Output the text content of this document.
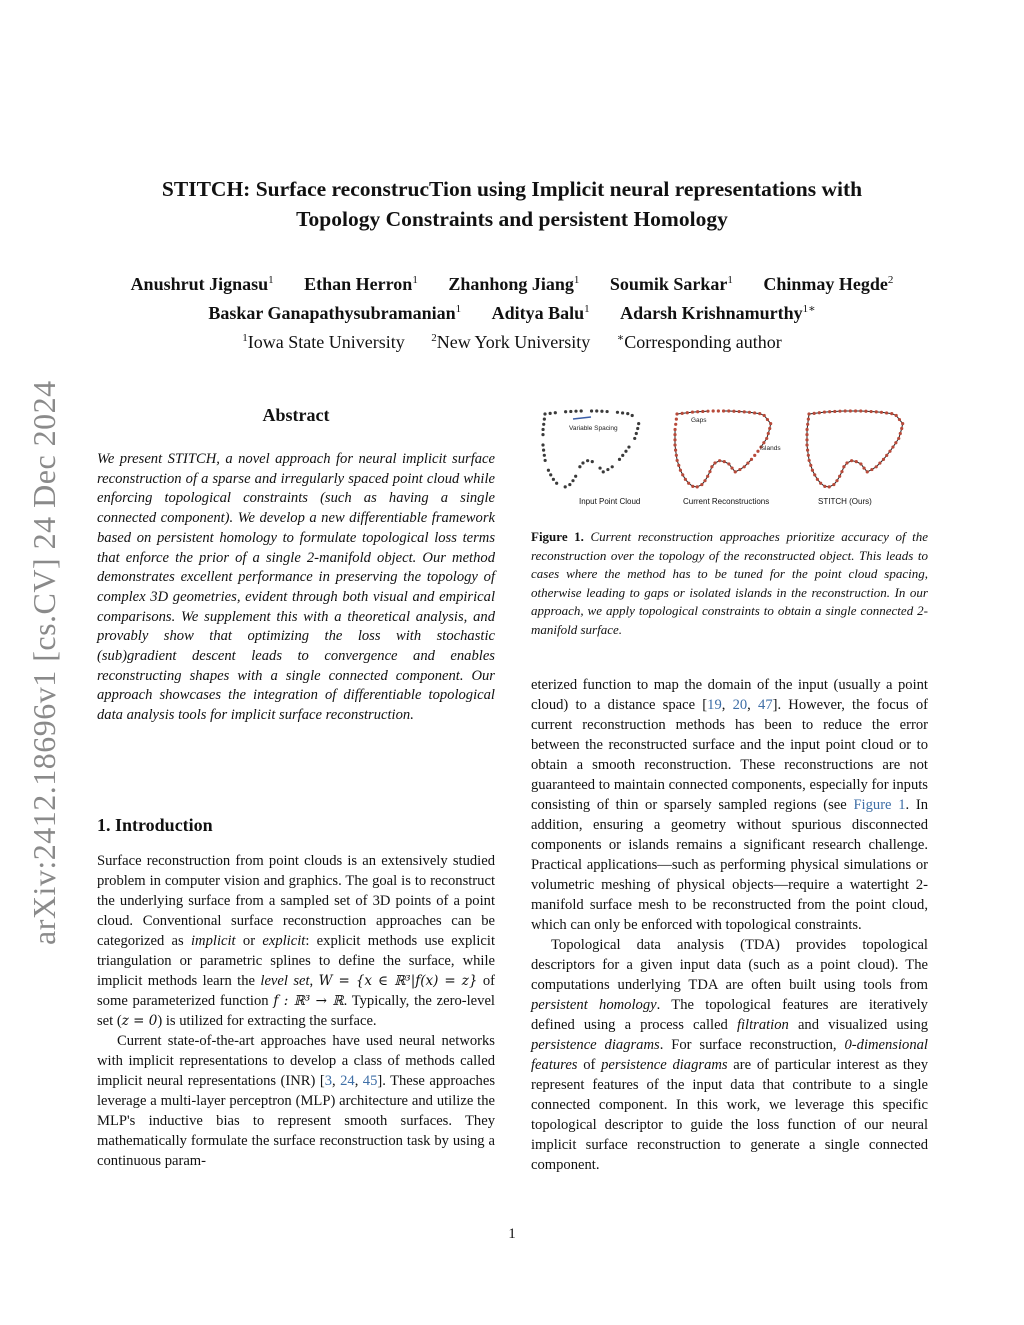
arXiv:2412.18696v1 [cs.CV] 24 Dec 2024
STITCH: Surface reconstrucTion using Implicit neural representations with
Topology Constraints and persistent Homology
Anushrut Jignasu$^1$ Ethan Herron$^1$ Zhanhong Jiang$^1$ Soumik Sarkar$^1$ Chinmay Hegde$^2$
Baskar Ganapathysubramanian$^1$ Aditya Balu$^1$ Adarsh Krishnamurthy$^{1∗}$
$^1$Iowa State University $^2$New York University ∗Corresponding author
Abstract
We present STITCH, a novel approach for neural implicit surface reconstruction of a sparse and irregularly spaced point cloud while enforcing topological constraints (such as having a single connected component). We develop a new differentiable framework based on persistent homology to formulate topological loss terms that enforce the prior of a single 2-manifold object. Our method demonstrates excellent performance in preserving the topology of complex 3D geometries, evident through both visual and empirical comparisons. We supplement this with a theoretical analysis, and provably show that optimizing the loss with stochastic (sub)gradient descent leads to convergence and enables reconstructing shapes with a single connected component. Our approach showcases the integration of differentiable topological data analysis tools for implicit surface reconstruction.
1. Introduction

Surface reconstruction from point clouds is an extensively studied problem in computer vision and graphics. The goal is to reconstruct the underlying surface from a sampled set of 3D points of a point cloud. Conventional surface reconstruction approaches can be categorized as implicit or explicit: explicit methods use explicit triangulation or parametric splines to define the surface, while implicit methods learn the level set, W = {x ∈ ℝ³|f(x) = z} of some parameterized function f : ℝ³ → ℝ. Typically, the zero-level set (z = 0) is utilized for extracting the surface.

Current state-of-the-art approaches have used neural networks with implicit representations to develop a class of methods called implicit neural representations (INR) [3, 24, 45]. These approaches leverage a multi-layer perceptron (MLP) architecture and utilize the MLP's inductive bias to represent smooth surfaces. They mathematically formulate the surface reconstruction task by using a continuous param-

Variable Spacing
Gaps
Islands
Input Point Cloud	Current Reconstructions	STITCH (Ours)
Figure 1. Current reconstruction approaches prioritize accuracy of the reconstruction over the topology of the reconstructed object. This leads to cases where the method has to be tuned for the point cloud spacing, otherwise leading to gaps or isolated islands in the reconstruction. In our approach, we apply topological constraints to obtain a single connected 2-manifold surface.

eterized function to map the domain of the input (usually a point cloud) to a distance space [19, 20, 47]. However, the focus of current reconstruction methods has been to reduce the error between the reconstructed surface and the input point cloud or to obtain a smooth reconstruction. These reconstructions are not guaranteed to maintain connected components, especially for inputs consisting of thin or sparsely sampled regions (see Figure 1. In addition, ensuring a geometry without spurious disconnected components or islands remains a significant research challenge. Practical applications—such as performing physical simulations or volumetric meshing of physical objects—require a watertight 2-manifold surface mesh to be reconstructed from the point cloud, which can only be enforced with topological constraints.

Topological data analysis (TDA) provides topological descriptors for a given input data (such as a point cloud). The computations underlying TDA are often built using tools from persistent homology. The topological features are iteratively defined using a process called filtration and visualized using persistence diagrams. For surface reconstruction, 0-dimensional features of persistence diagrams are of particular interest as they represent features of the input data that contribute to a single connected component. In this work, we leverage this specific topological descriptor to guide the loss function of our neural implicit surface reconstruction to generate a single connected component.

1
